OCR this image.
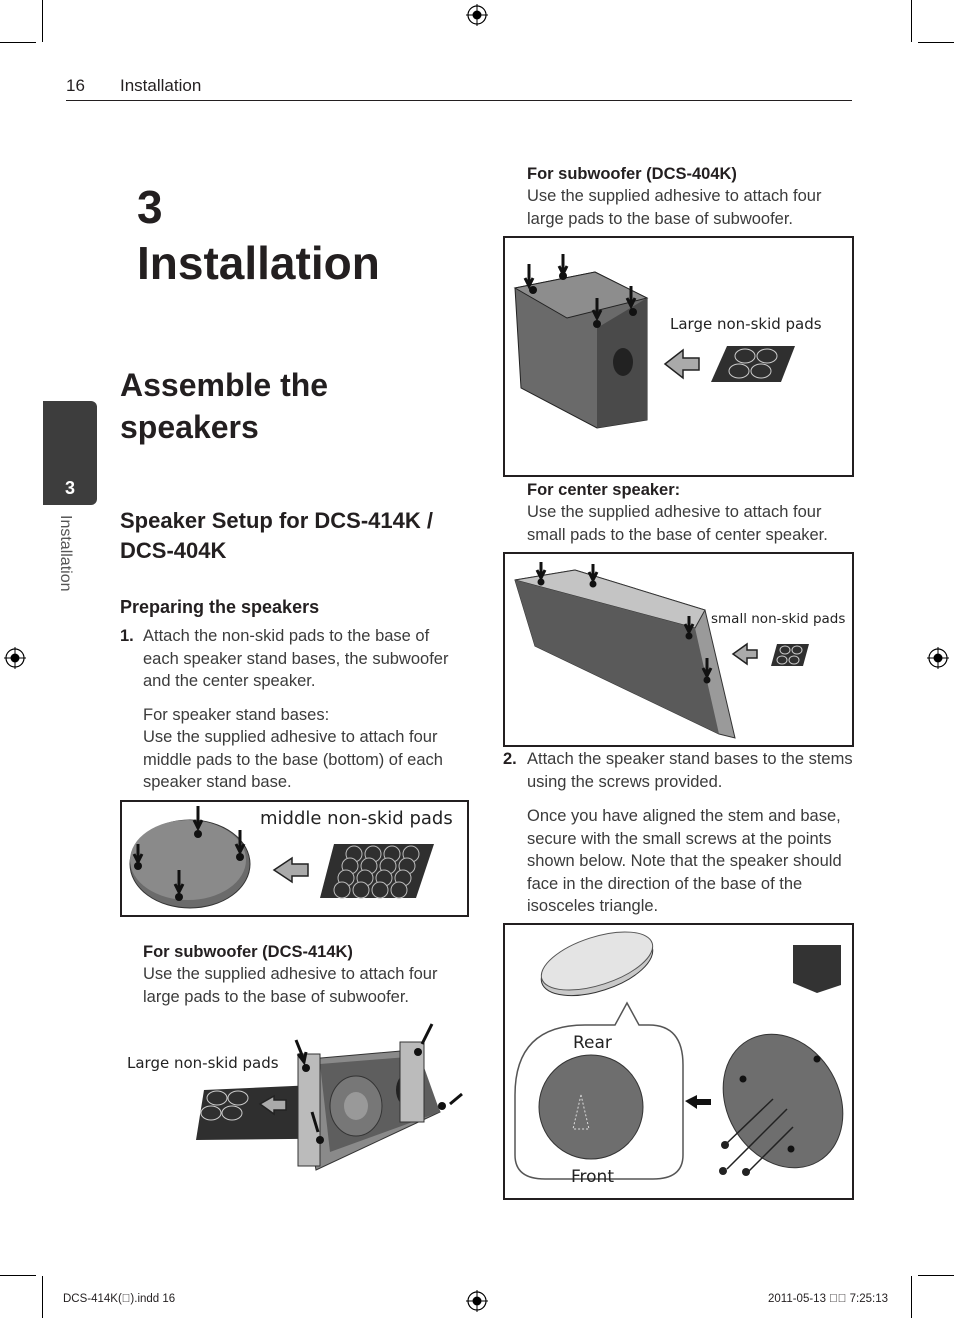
16 Installation
3
Installation
3
Installation
Assemble the speakers
Speaker Setup for DCS-414K / DCS-404K
Preparing the speakers
1. Attach the non-skid pads to the base of each speaker stand bases, the subwoofer and the center speaker.
For speaker stand bases:
Use the supplied adhesive to attach four middle pads to the base (bottom) of each speaker stand base.
middle non-skid pads
For subwoofer (DCS-414K)
Use the supplied adhesive to attach four large pads to the base of subwoofer.
Large non-skid pads
For subwoofer (DCS-404K)
Use the supplied adhesive to attach four large pads to the base of subwoofer.
Large non-skid pads
For center speaker:
Use the supplied adhesive to attach four small pads to the base of center speaker.
small non-skid pads
2. Attach the speaker stand bases to the stems using the screws provided.
Once you have aligned the stem and base, secure with the small screws at the points shown below. Note that the speaker should face in the direction of the base of the isosceles triangle.
Rear
Front
DCS-414K( ).indd 16	2011-05-13    7:25:13
